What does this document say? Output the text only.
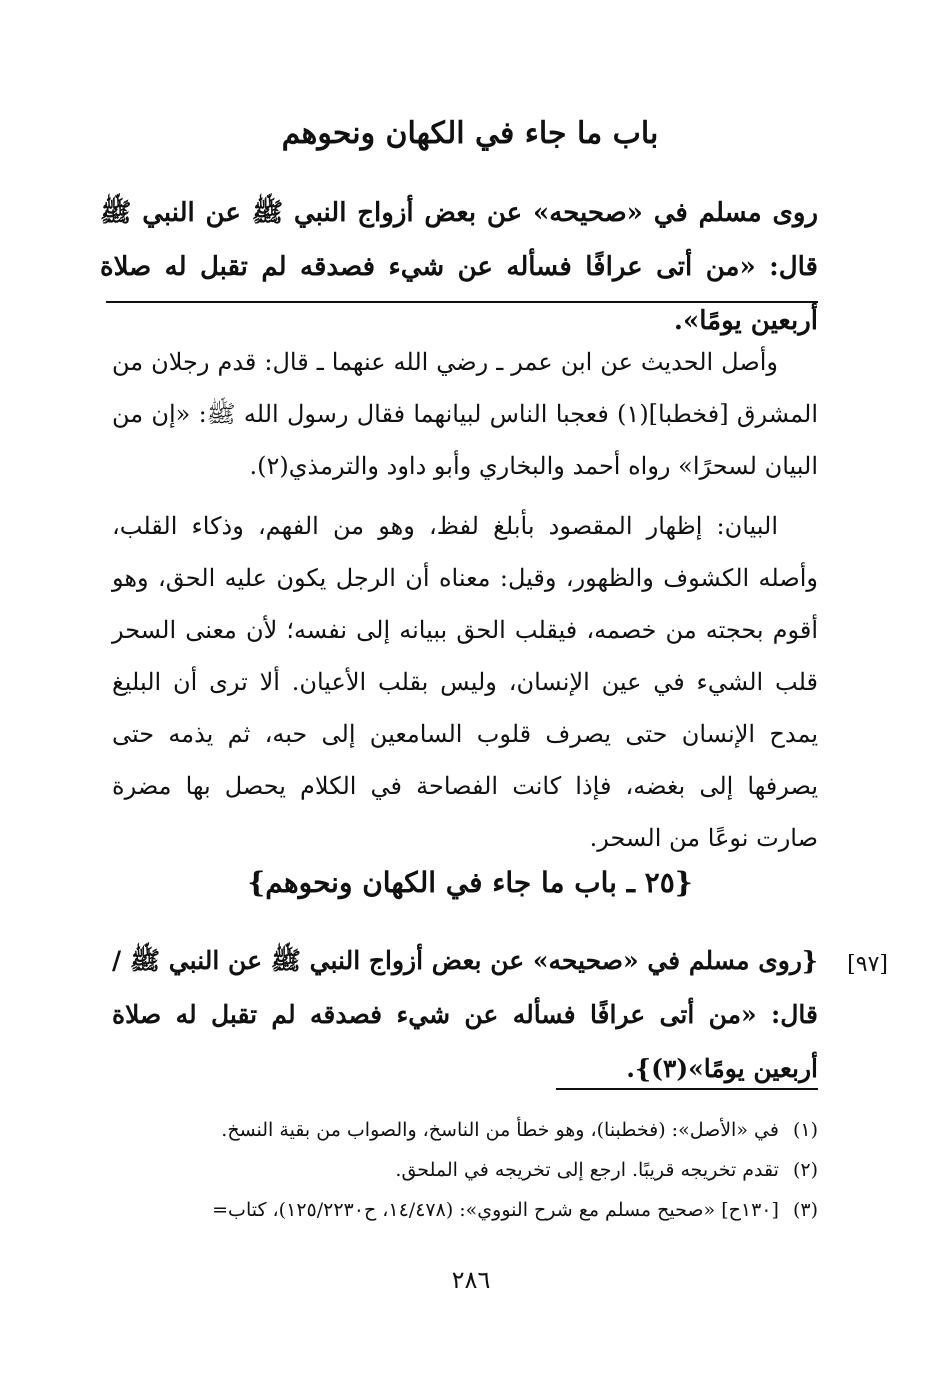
باب ما جاء في الكهان ونحوهم
روى مسلم في «صحيحه» عن بعض أزواج النبي ﷺ عن النبي ﷺ قال: «من أتى عرافًا فسأله عن شيء فصدقه لم تقبل له صلاة أربعين يومًا».

وأصل الحديث عن ابن عمر ـ رضي الله عنهما ـ قال: قدم رجلان من المشرق [فخطبا](١) فعجبا الناس لبيانهما فقال رسول الله ﷺ: «إن من البيان لسحرًا» رواه أحمد والبخاري وأبو داود والترمذي(٢).

البيان: إظهار المقصود بأبلغ لفظ، وهو من الفهم، وذكاء القلب، وأصله الكشوف والظهور، وقيل: معناه أن الرجل يكون عليه الحق، وهو أقوم بحجته من خصمه، فيقلب الحق ببيانه إلى نفسه؛ لأن معنى السحر قلب الشيء في عين الإنسان، وليس بقلب الأعيان. ألا ترى أن البليغ يمدح الإنسان حتى يصرف قلوب السامعين إلى حبه، ثم يذمه حتى يصرفها إلى بغضه، فإذا كانت الفصاحة في الكلام يحصل بها مضرة صارت نوعًا من السحر.

{٢٥ ـ باب ما جاء في الكهان ونحوهم}
[٩٧]
{روى مسلم في «صحيحه» عن بعض أزواج النبي ﷺ عن النبي ﷺ / قال: «من أتى عرافًا فسأله عن شيء فصدقه لم تقبل له صلاة أربعين يومًا»(٣)}.
(١)
في «الأصل»: (فخطبنا)، وهو خطأ من الناسخ، والصواب من بقية النسخ.
(٢)
تقدم تخريجه قريبًا. ارجع إلى تخريجه في الملحق.
(٣)
[١٣٠ح] «صحيح مسلم مع شرح النووي»: (١٤/٤٧٨، ح١٢٥/٢٢٣٠)، كتاب=
٢٨٦
